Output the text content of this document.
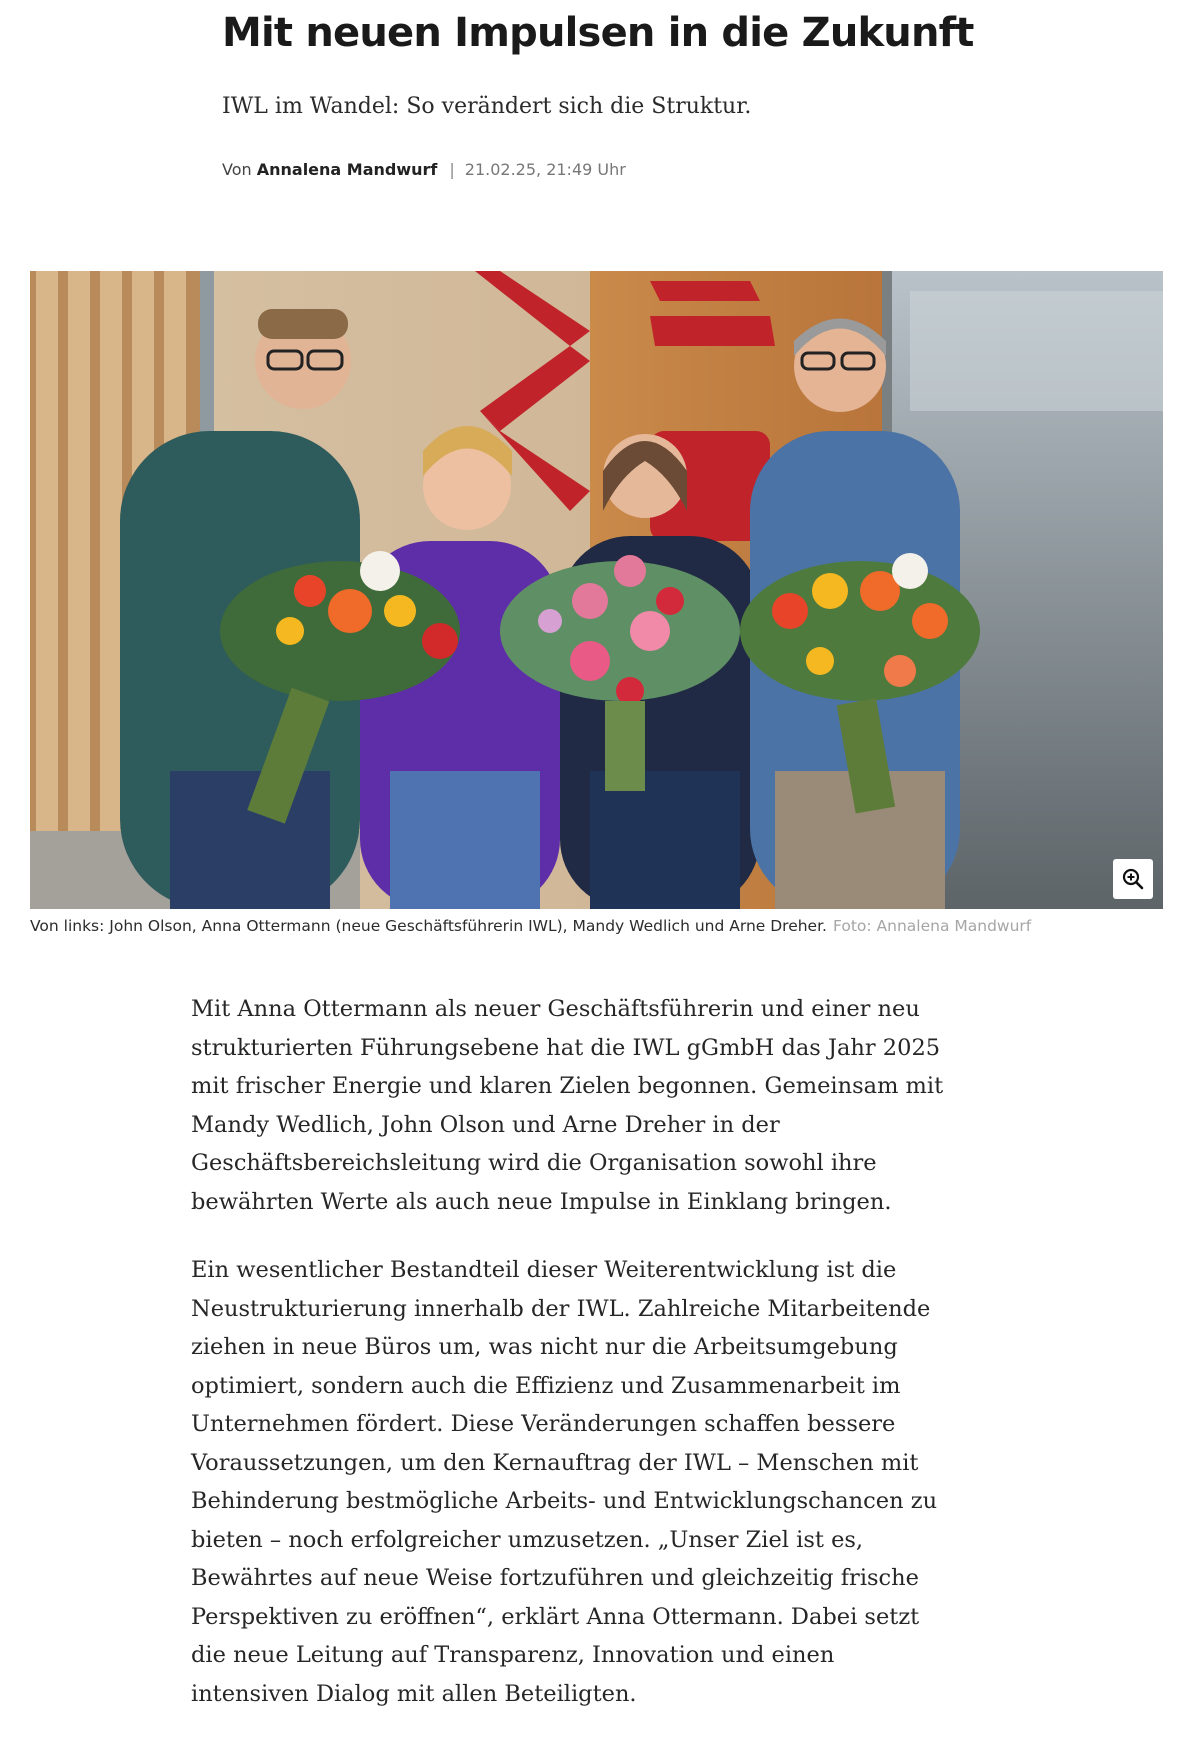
Mit neuen Impulsen in die Zukunft
IWL im Wandel: So verändert sich die Struktur.
Von Annalena Mandwurf | 21.02.25, 21:49 Uhr
Von links: John Olson, Anna Ottermann (neue Geschäftsführerin IWL), Mandy Wedlich und Arne Dreher. Foto: Annalena Mandwurf

Mit Anna Ottermann als neuer Geschäftsführerin und einer neu strukturierten Führungsebene hat die IWL gGmbH das Jahr 2025 mit frischer Energie und klaren Zielen begonnen. Gemeinsam mit Mandy Wedlich, John Olson und Arne Dreher in der Geschäftsbereichsleitung wird die Organisation sowohl ihre bewährten Werte als auch neue Impulse in Einklang bringen.

Ein wesentlicher Bestandteil dieser Weiterentwicklung ist die Neustrukturierung innerhalb der IWL. Zahlreiche Mitarbeitende ziehen in neue Büros um, was nicht nur die Arbeitsumgebung optimiert, sondern auch die Effizienz und Zusammenarbeit im Unternehmen fördert. Diese Veränderungen schaffen bessere Voraussetzungen, um den Kernauftrag der IWL – Menschen mit Behinderung bestmögliche Arbeits- und Entwicklungschancen zu bieten – noch erfolgreicher umzusetzen. „Unser Ziel ist es, Bewährtes auf neue Weise fortzuführen und gleichzeitig frische Perspektiven zu eröffnen“, erklärt Anna Ottermann. Dabei setzt die neue Leitung auf Transparenz, Innovation und einen intensiven Dialog mit allen Beteiligten.
